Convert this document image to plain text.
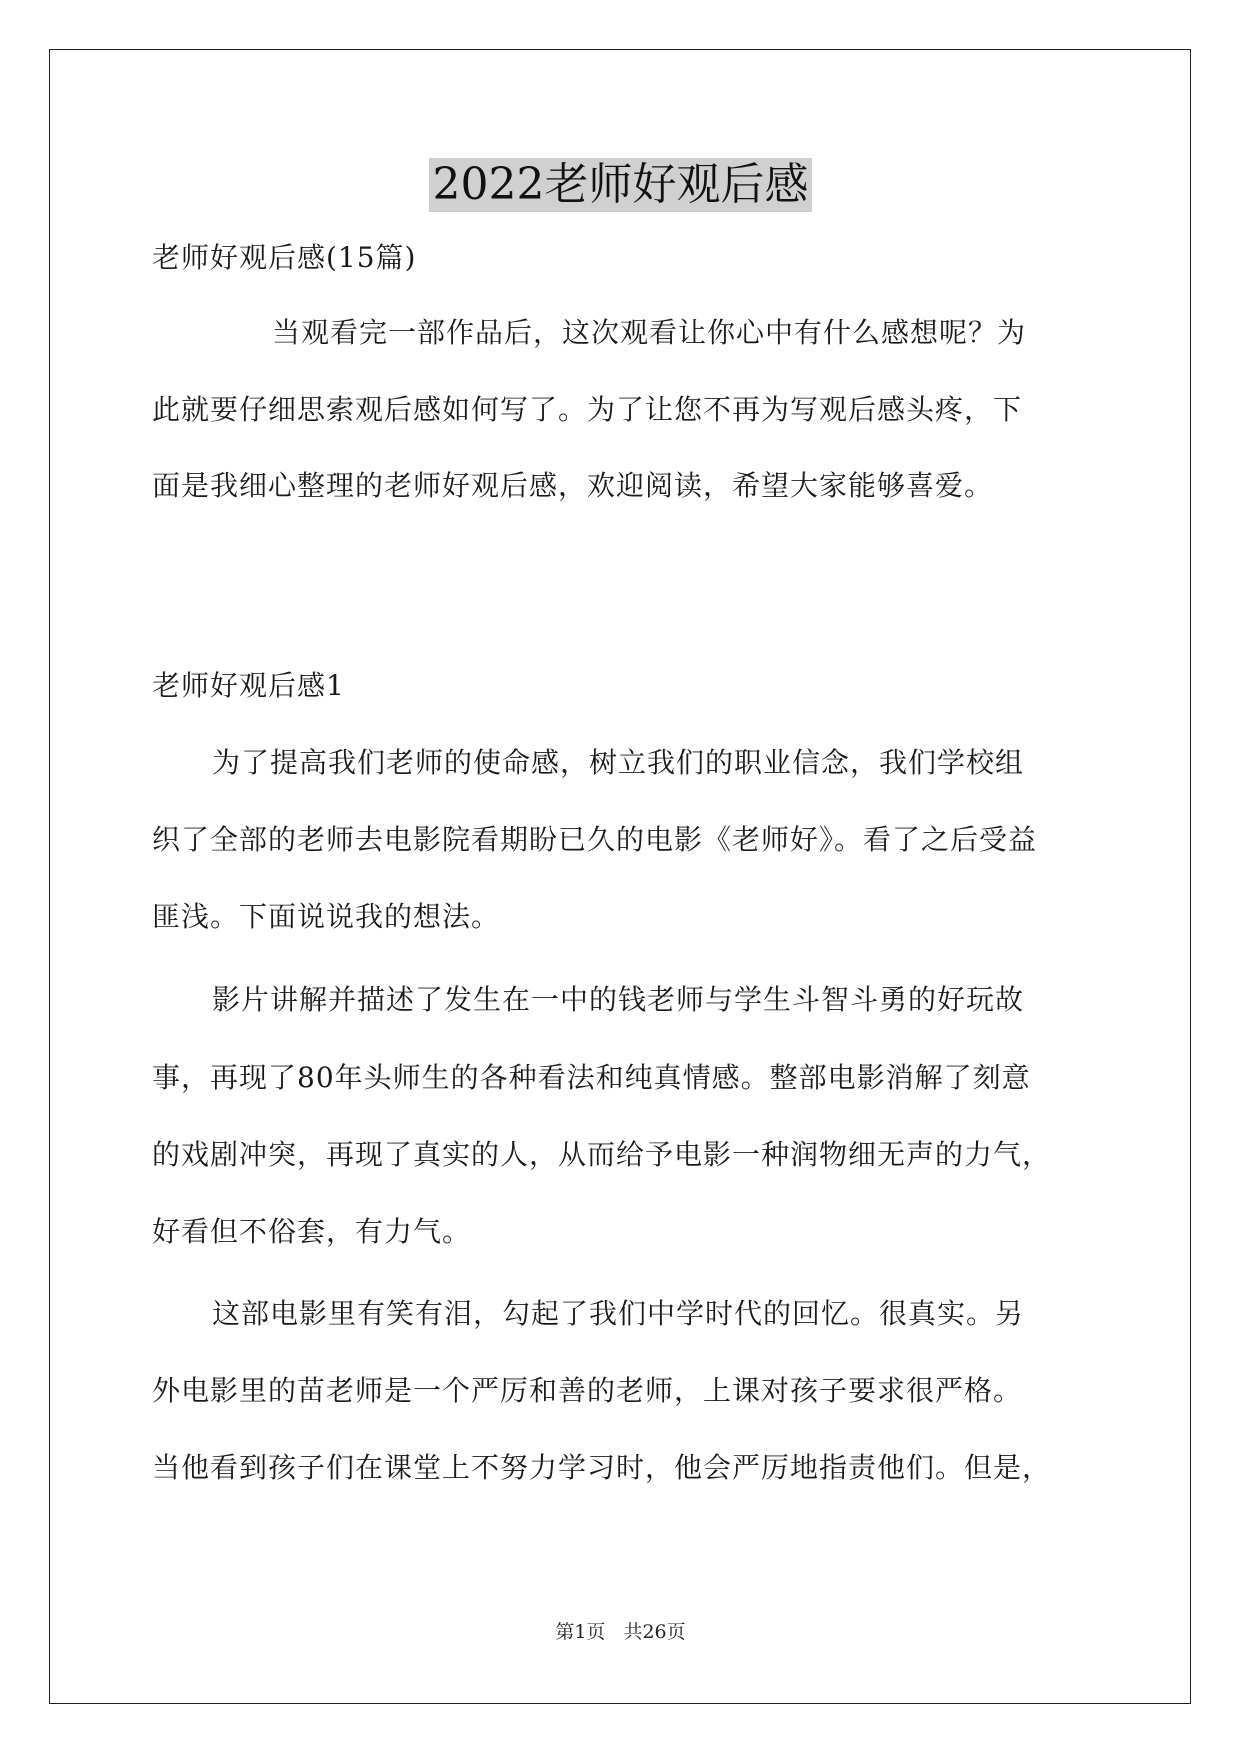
2022老师好观后感
老师好观后感(15篇)
当观看完一部作品后，这次观看让你心中有什么感想呢？为
此就要仔细思索观后感如何写了。为了让您不再为写观后感头疼，下
面是我细心整理的老师好观后感，欢迎阅读，希望大家能够喜爱。
老师好观后感1
为了提高我们老师的使命感，树立我们的职业信念，我们学校组
织了全部的老师去电影院看期盼已久的电影《老师好》。看了之后受益
匪浅。下面说说我的想法。
影片讲解并描述了发生在一中的钱老师与学生斗智斗勇的好玩故
事，再现了80年头师生的各种看法和纯真情感。整部电影消解了刻意
的戏剧冲突，再现了真实的人，从而给予电影一种润物细无声的力气，
好看但不俗套，有力气。
这部电影里有笑有泪，勾起了我们中学时代的回忆。很真实。另
外电影里的苗老师是一个严厉和善的老师，上课对孩子要求很严格。
当他看到孩子们在课堂上不努力学习时，他会严厉地指责他们。但是，
第1页 共26页
